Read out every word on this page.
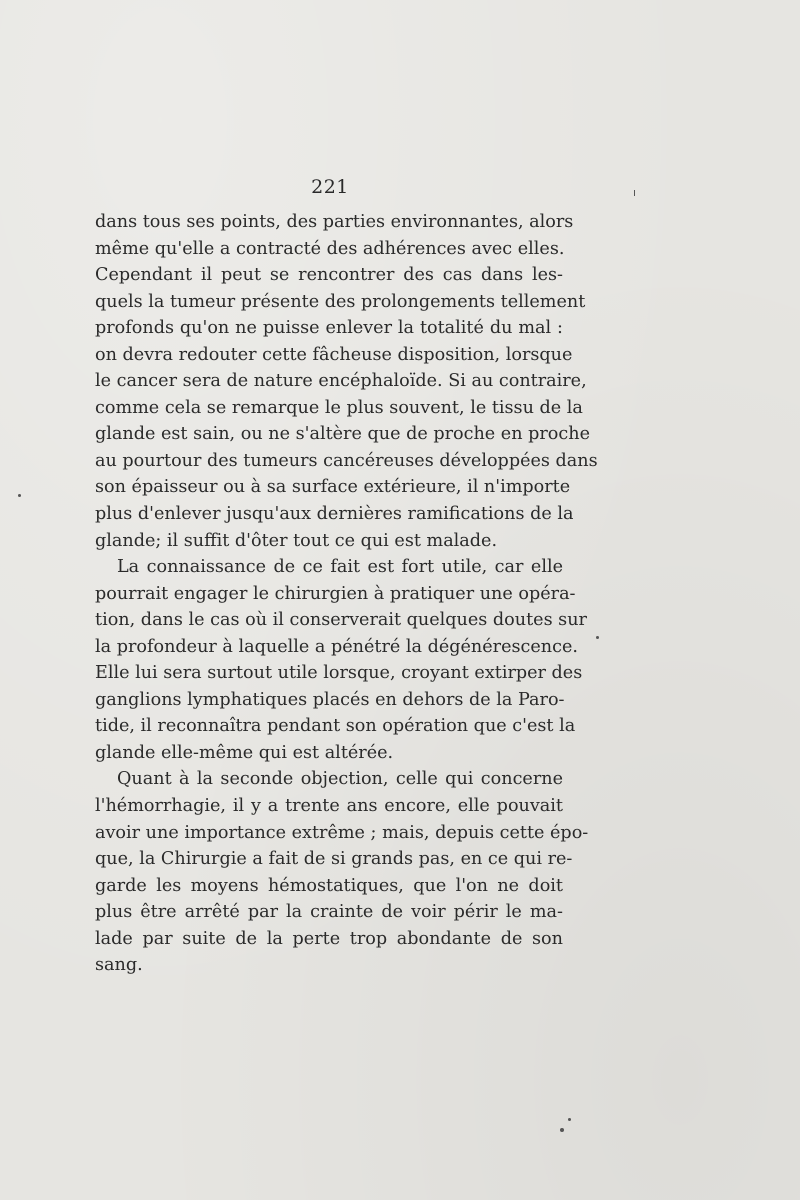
221
dans tous ses points, des parties environnantes, alors
même qu'elle a contracté des adhérences avec elles.
Cependant il peut se rencontrer des cas dans les-
quels la tumeur présente des prolongements tellement
profonds qu'on ne puisse enlever la totalité du mal :
on devra redouter cette fâcheuse disposition, lorsque
le cancer sera de nature encéphaloïde. Si au contraire,
comme cela se remarque le plus souvent, le tissu de la
glande est sain, ou ne s'altère que de proche en proche
au pourtour des tumeurs cancéreuses développées dans
son épaisseur ou à sa surface extérieure, il n'importe
plus d'enlever jusqu'aux dernières ramifications de la
glande; il suffit d'ôter tout ce qui est malade.
La connaissance de ce fait est fort utile, car elle
pourrait engager le chirurgien à pratiquer une opéra-
tion, dans le cas où il conserverait quelques doutes sur
la profondeur à laquelle a pénétré la dégénérescence.
Elle lui sera surtout utile lorsque, croyant extirper des
ganglions lymphatiques placés en dehors de la Paro-
tide, il reconnaîtra pendant son opération que c'est la
glande elle-même qui est altérée.
Quant à la seconde objection, celle qui concerne
l'hémorrhagie, il y a trente ans encore, elle pouvait
avoir une importance extrême ; mais, depuis cette épo-
que, la Chirurgie a fait de si grands pas, en ce qui re-
garde les moyens hémostatiques, que l'on ne doit
plus être arrêté par la crainte de voir périr le ma-
lade par suite de la perte trop abondante de son
sang.
